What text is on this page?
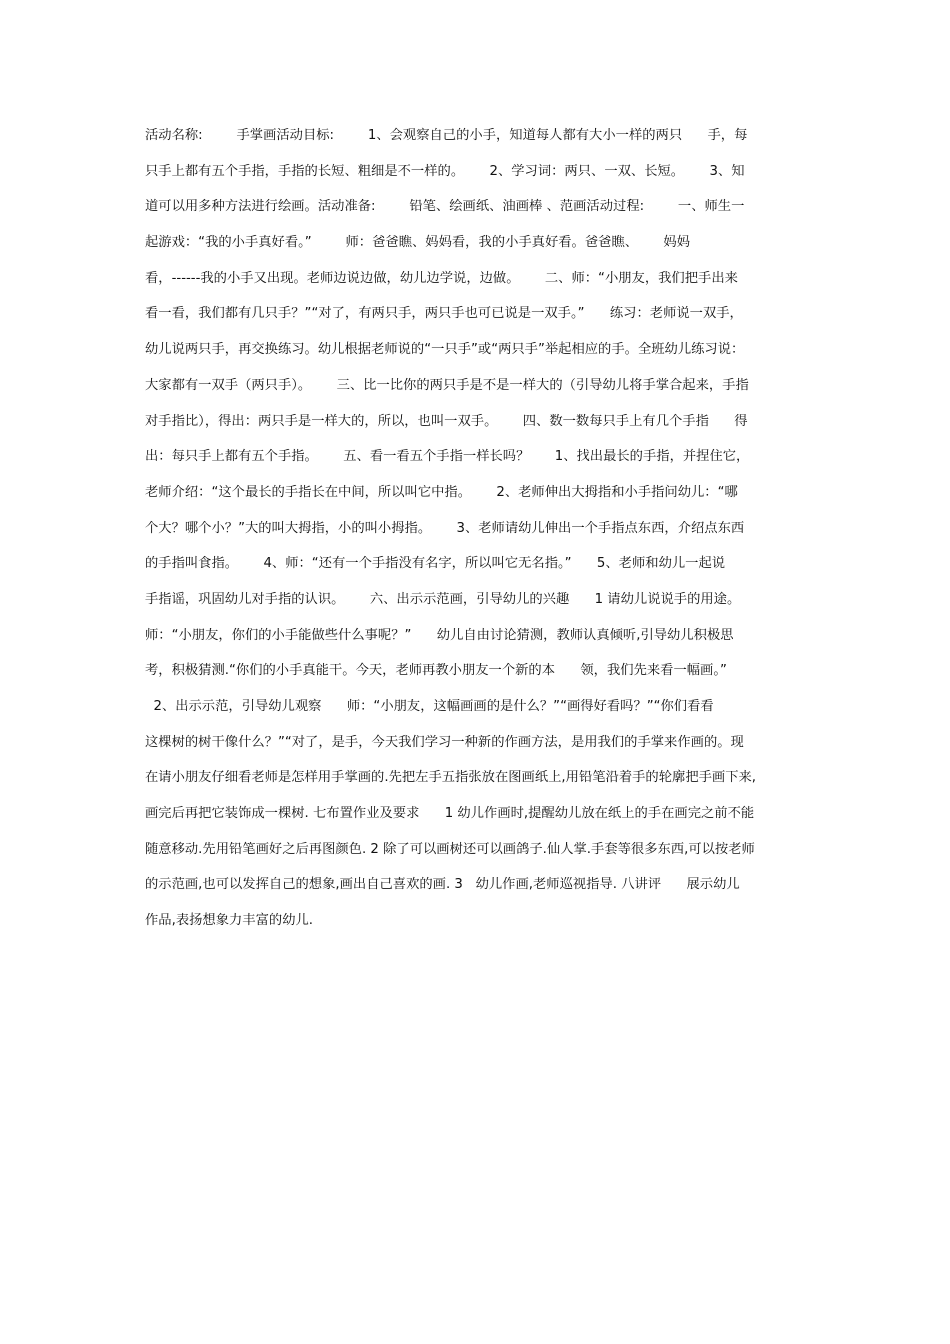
活动名称:        手掌画活动目标:        1、会观察自己的小手，知道每人都有大小一样的两只      手，每
只手上都有五个手指，手指的长短、粗细是不一样的。      2、学习词：两只、一双、长短。      3、知
道可以用多种方法进行绘画。活动准备:        铅笔、绘画纸、油画棒 、范画活动过程:        一、师生一
起游戏：“我的小手真好看。”        师：爸爸瞧、妈妈看，我的小手真好看。爸爸瞧、      妈妈
看，------我的小手又出现。老师边说边做，幼儿边学说，边做。      二、师：“小朋友，我们把手出来
看一看，我们都有几只手？”“对了，有两只手，两只手也可已说是一双手。”      练习：老师说一双手，
幼儿说两只手，再交换练习。幼儿根据老师说的“一只手”或“两只手”举起相应的手。全班幼儿练习说：
大家都有一双手（两只手）。      三、比一比你的两只手是不是一样大的（引导幼儿将手掌合起来，手指
对手指比），得出：两只手是一样大的，所以，也叫一双手。      四、数一数每只手上有几个手指      得
出：每只手上都有五个手指。      五、看一看五个手指一样长吗？      1、找出最长的手指，并捏住它，
老师介绍：“这个最长的手指长在中间，所以叫它中指。      2、老师伸出大拇指和小手指问幼儿：“哪
个大？哪个小？”大的叫大拇指，小的叫小拇指。      3、老师请幼儿伸出一个手指点东西，介绍点东西
的手指叫食指。      4、师：“还有一个手指没有名字，所以叫它无名指。”      5、老师和幼儿一起说
手指谣，巩固幼儿对手指的认识。      六、出示示范画，引导幼儿的兴趣      1 请幼儿说说手的用途。
师：“小朋友，你们的小手能做些什么事呢？”      幼儿自由讨论猜测，教师认真倾听,引导幼儿积极思
考，积极猜测.“你们的小手真能干。今天，老师再教小朋友一个新的本      领，我们先来看一幅画。”
2、出示示范，引导幼儿观察      师：“小朋友，这幅画画的是什么？”“画得好看吗？”“你们看看
这棵树的树干像什么？”“对了，是手，今天我们学习一种新的作画方法，是用我们的手掌来作画的。现
在请小朋友仔细看老师是怎样用手掌画的.先把左手五指张放在图画纸上,用铅笔沿着手的轮廓把手画下来,
画完后再把它装饰成一棵树. 七布置作业及要求      1 幼儿作画时,提醒幼儿放在纸上的手在画完之前不能
随意移动.先用铅笔画好之后再图颜色. 2 除了可以画树还可以画鸽子.仙人掌.手套等很多东西,可以按老师
的示范画,也可以发挥自己的想象,画出自己喜欢的画. 3   幼儿作画,老师巡视指导. 八讲评      展示幼儿
作品,表扬想象力丰富的幼儿.
